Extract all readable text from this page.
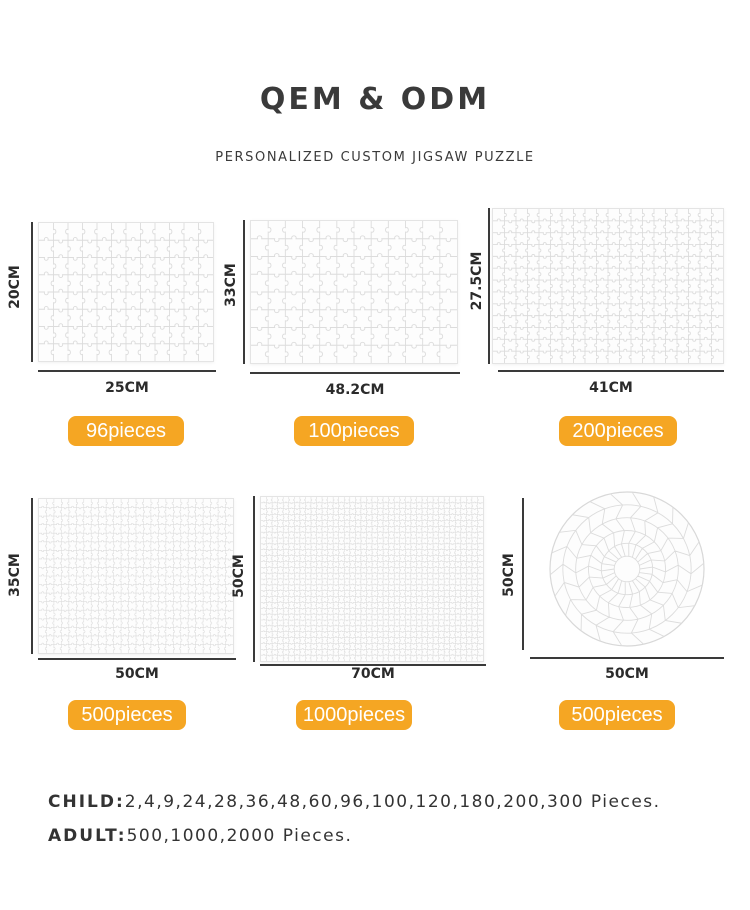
QEM & ODM
PERSONALIZED CUSTOM JIGSAW PUZZLE
20CM
25CM
96pieces
33CM
48.2CM
100pieces
27.5CM
41CM
200pieces
35CM
50CM
500pieces
50CM
70CM
1000pieces
50CM
50CM
500pieces
CHILD:2,4,9,24,28,36,48,60,96,100,120,180,200,300 Pieces.
ADULT:500,1000,2000 Pieces.
